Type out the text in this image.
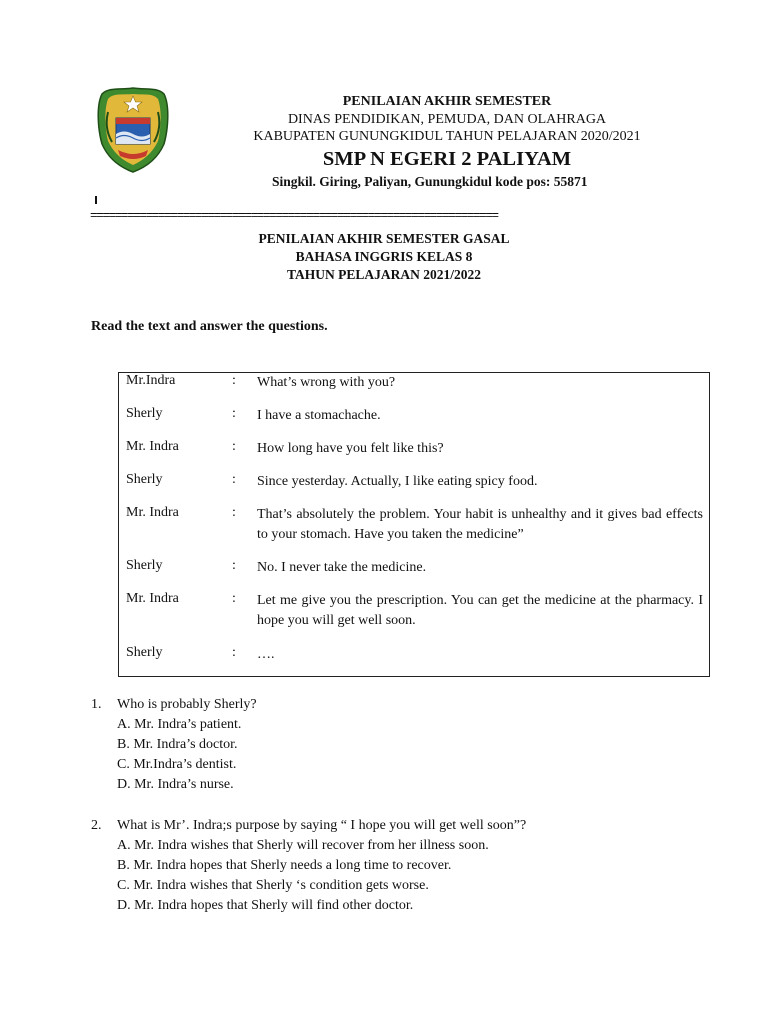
PENILAIAN AKHIR SEMESTER
DINAS PENDIDIKAN, PEMUDA, DAN OLAHRAGA
KABUPATEN GUNUNGKIDUL TAHUN PELAJARAN 2020/2021
SMP N EGERI 2 PALIYAM
Singkil. Giring, Paliyan, Gunungkidul kode pos: 55871
==================================================================
PENILAIAN AKHIR SEMESTER GASAL
BAHASA INGGRIS KELAS 8
TAHUN PELAJARAN 2021/2022
Read the text and answer the questions.
Mr.Indra	: What’s wrong with you?
Sherly	: I have a stomachache.
Mr. Indra	: How long have you felt like this?
Sherly	: Since yesterday. Actually, I like eating spicy food.
Mr. Indra	: That’s absolutely the problem. Your habit is unhealthy and it gives bad effects to your stomach. Have you taken the medicine”
Sherly	: No. I never take the medicine.
Mr. Indra	: Let me give you the prescription. You can get the medicine at the pharmacy. I hope you will get well soon.
Sherly	: ….
1. Who is probably Sherly?
A. Mr. Indra’s patient.
B. Mr. Indra’s doctor.
C. Mr.Indra’s dentist.
D. Mr. Indra’s nurse.
2. What is Mr’. Indra;s purpose by saying “ I hope you will get well soon”?
A. Mr. Indra wishes that Sherly will recover from her illness soon.
B. Mr. Indra hopes that Sherly needs a long time to recover.
C. Mr. Indra wishes that Sherly ‘s condition gets worse.
D. Mr. Indra hopes that Sherly will find other doctor.
